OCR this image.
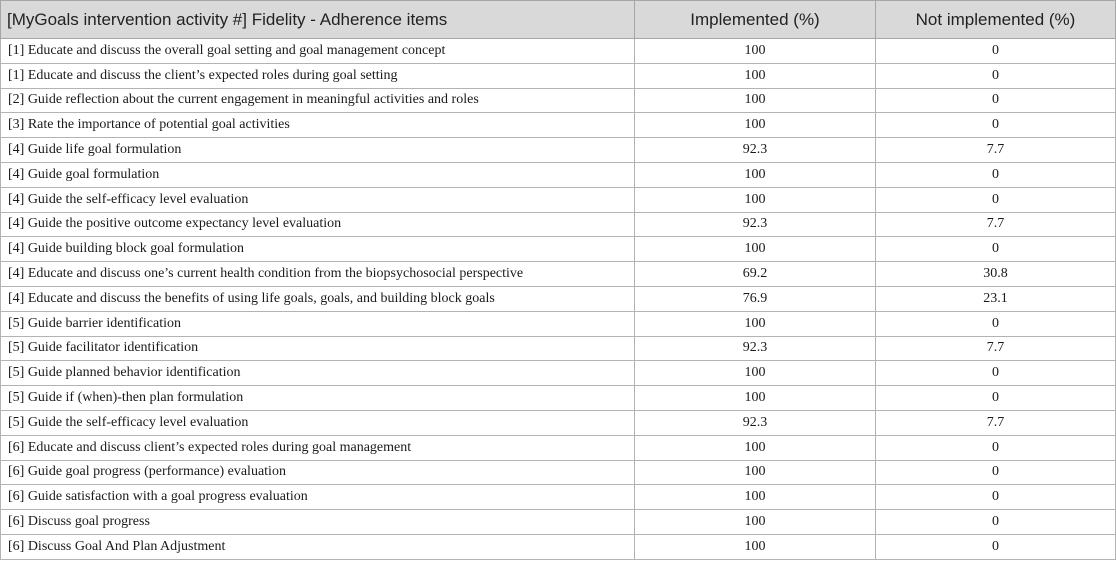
[MyGoals intervention activity #] Fidelity - Adherence items	Implemented (%)	Not implemented (%)
[1] Educate and discuss the overall goal setting and goal management concept	100	0
[1] Educate and discuss the client’s expected roles during goal setting	100	0
[2] Guide reflection about the current engagement in meaningful activities and roles	100	0
[3] Rate the importance of potential goal activities	100	0
[4] Guide life goal formulation	92.3	7.7
[4] Guide goal formulation	100	0
[4] Guide the self-efficacy level evaluation	100	0
[4] Guide the positive outcome expectancy level evaluation	92.3	7.7
[4] Guide building block goal formulation	100	0
[4] Educate and discuss one’s current health condition from the biopsychosocial perspective	69.2	30.8
[4] Educate and discuss the benefits of using life goals, goals, and building block goals	76.9	23.1
[5] Guide barrier identification	100	0
[5] Guide facilitator identification	92.3	7.7
[5] Guide planned behavior identification	100	0
[5] Guide if (when)-then plan formulation	100	0
[5] Guide the self-efficacy level evaluation	92.3	7.7
[6] Educate and discuss client’s expected roles during goal management	100	0
[6] Guide goal progress (performance) evaluation	100	0
[6] Guide satisfaction with a goal progress evaluation	100	0
[6] Discuss goal progress	100	0
[6] Discuss Goal And Plan Adjustment	100	0
